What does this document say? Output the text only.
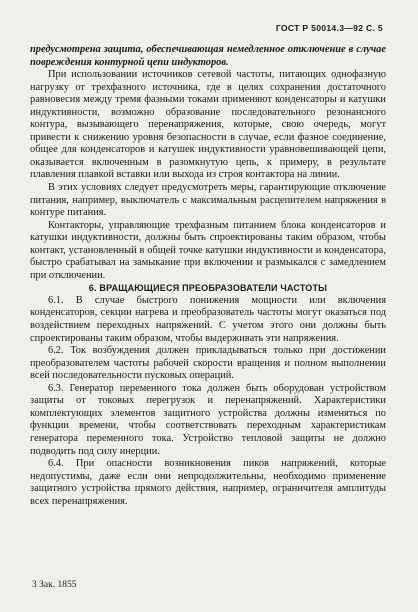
ГОСТ Р 50014.3—92 С. 5

предусмотрена защита, обеспечивающая немедленное отключение в случае повреждения контурной цепи индукторов.

При использовании источников сетевой частоты, питающих однофазную нагрузку от трехфазного источника, где в целях сохранения достаточного равновесия между тремя фазными токами применяют конденсаторы и катушки индуктивности, возможно образование последовательного резонансного контура, вызывающего перенапряжения, которые, свою очередь, могут привести к снижению уровня безопасности в случае, если фазное соединение, общее для конденсаторов и катушек индуктивности уравновешивающей цепи, оказывается включенным в разомкнутую цепь, к примеру, в результате плавления плавкой вставки или выхода из строя контактора на линии.

В этих условиях следует предусмотреть меры, гарантирующие отключение питания, например, выключатель с максимальным расцепителем напряжения в контуре питания.

Контакторы, управляющие трехфазным питанием блока конденсаторов и катушки индуктивности, должны быть спроектированы таким образом, чтобы контакт, установленный в общей точке катушки индуктивности и конденсатора, быстро срабатывал на замыкание при включении и размыкался с замедлением при отключении.

6. ВРАЩАЮЩИЕСЯ ПРЕОБРАЗОВАТЕЛИ ЧАСТОТЫ

6.1. В случае быстрого понижения мощности или включения конденсаторов, секции нагрева и преобразователь частоты могут оказаться под воздействием переходных напряжений. С учетом этого они должны быть спроектированы таким образом, чтобы выдерживать эти напряжения.

6.2. Ток возбуждения должен прикладываться только при достижении преобразователем частоты рабочей скорости вращения и полном выполнении всей последовательности пусковых операций.

6.3. Генератор переменного тока должен быть оборудован устройством защиты от токовых перегрузок и перенапряжений. Характеристики комплектующих элементов защитного устройства должны изменяться по функции времени, чтобы соответствовать переходным характеристикам генератора переменного тока. Устройство тепловой защиты не должно подводить под силу инерции.

6.4. При опасности возникновения пиков напряжений, которые недопустимы, даже если они непродолжительны, необходимо применение защитного устройства прямого действия, например, ограничителя амплитуды всех перенапряжения.

3 Зак. 1855
